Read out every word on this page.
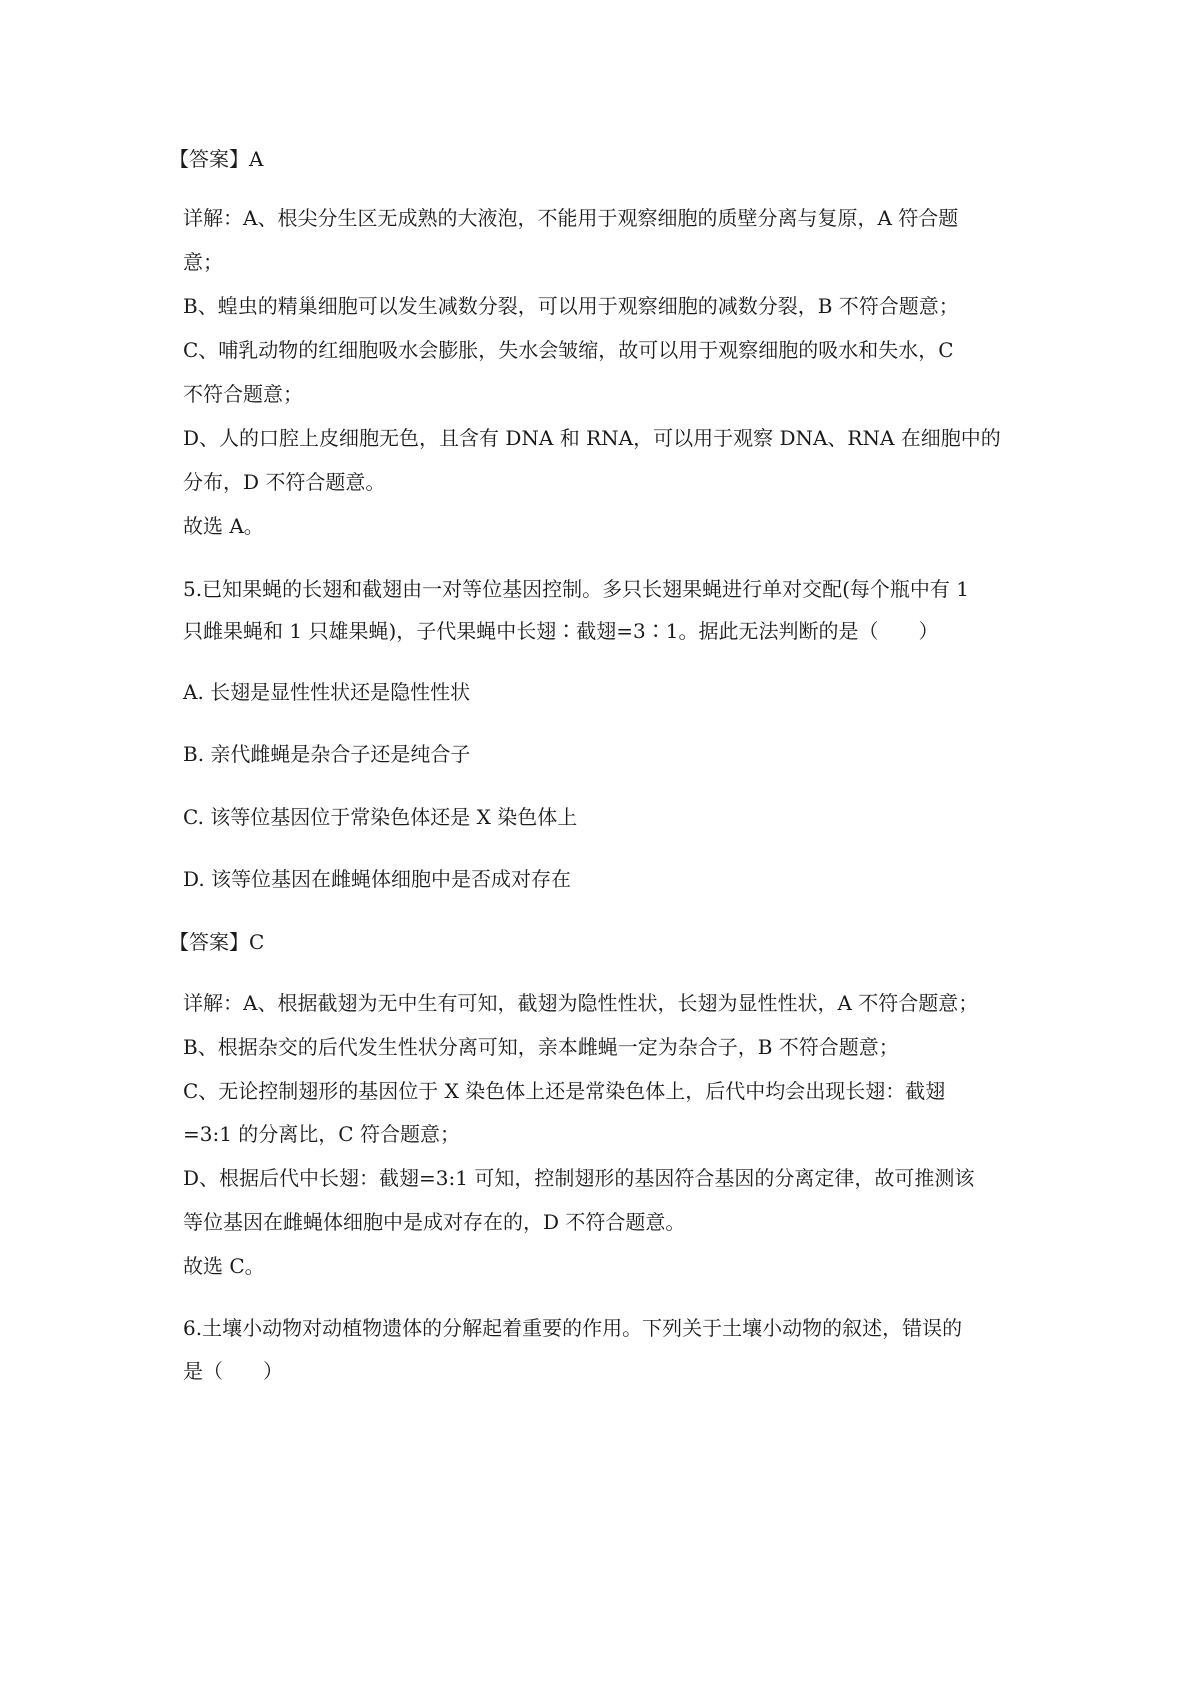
【答案】A
详解：A、根尖分生区无成熟的大液泡，不能用于观察细胞的质壁分离与复原，A 符合题
意；
B、蝗虫的精巢细胞可以发生减数分裂，可以用于观察细胞的减数分裂，B 不符合题意；
C、哺乳动物的红细胞吸水会膨胀，失水会皱缩，故可以用于观察细胞的吸水和失水，C
不符合题意；
D、人的口腔上皮细胞无色，且含有 DNA 和 RNA，可以用于观察 DNA、RNA 在细胞中的
分布，D 不符合题意。
故选 A。
5.已知果蝇的长翅和截翅由一对等位基因控制。多只长翅果蝇进行单对交配(每个瓶中有 1
只雌果蝇和 1 只雄果蝇)，子代果蝇中长翅∶截翅=3∶1。据此无法判断的是（　　）
A. 长翅是显性性状还是隐性性状
B. 亲代雌蝇是杂合子还是纯合子
C. 该等位基因位于常染色体还是 X 染色体上
D. 该等位基因在雌蝇体细胞中是否成对存在
【答案】C
详解：A、根据截翅为无中生有可知，截翅为隐性性状，长翅为显性性状，A 不符合题意；
B、根据杂交的后代发生性状分离可知，亲本雌蝇一定为杂合子，B 不符合题意；
C、无论控制翅形的基因位于 X 染色体上还是常染色体上，后代中均会出现长翅：截翅
=3:1 的分离比，C 符合题意；
D、根据后代中长翅：截翅=3:1 可知，控制翅形的基因符合基因的分离定律，故可推测该
等位基因在雌蝇体细胞中是成对存在的，D 不符合题意。
故选 C。
6.土壤小动物对动植物遗体的分解起着重要的作用。下列关于土壤小动物的叙述，错误的
是（　　）
